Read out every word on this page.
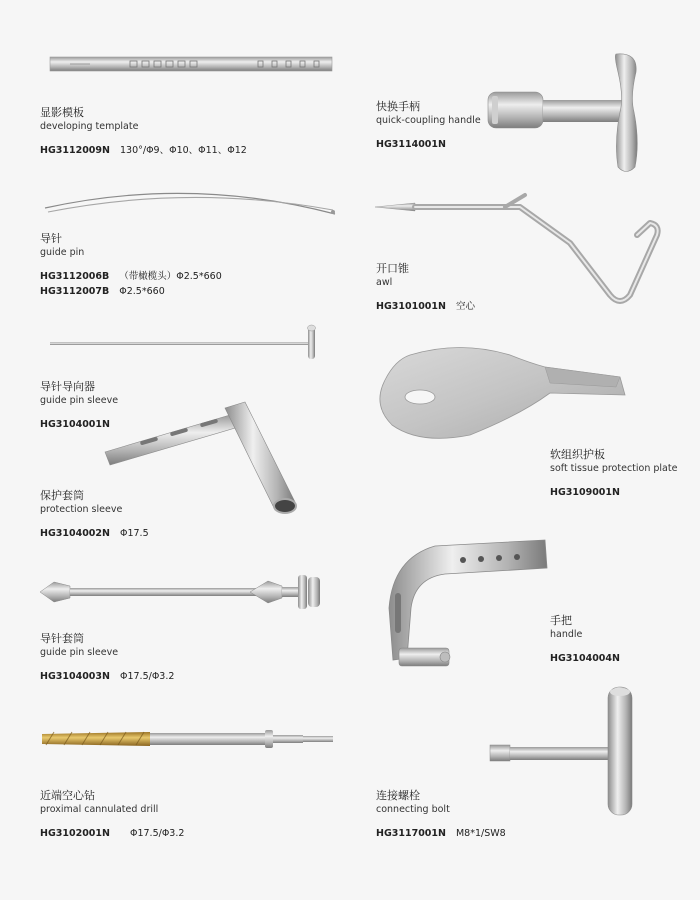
显影模板
developing template
HG3112009N 130°/Φ9、Φ10、Φ11、Φ12
导针
guide pin
HG3112006B （带橄榄头）Φ2.5*660
HG3112007B Φ2.5*660
导针导向器
guide pin sleeve
HG3104001N
保护套筒
protection sleeve
HG3104002N Φ17.5
导针套筒
guide pin sleeve
HG3104003N Φ17.5/Φ3.2
近端空心钻
proximal cannulated drill
HG3102001N Φ17.5/Φ3.2
快换手柄
quick-coupling handle
HG3114001N
开口锥
awl
HG3101001N 空心
软组织护板
soft tissue protection plate
HG3109001N
手把
handle
HG3104004N
连接螺栓
connecting bolt
HG3117001N M8*1/SW8
